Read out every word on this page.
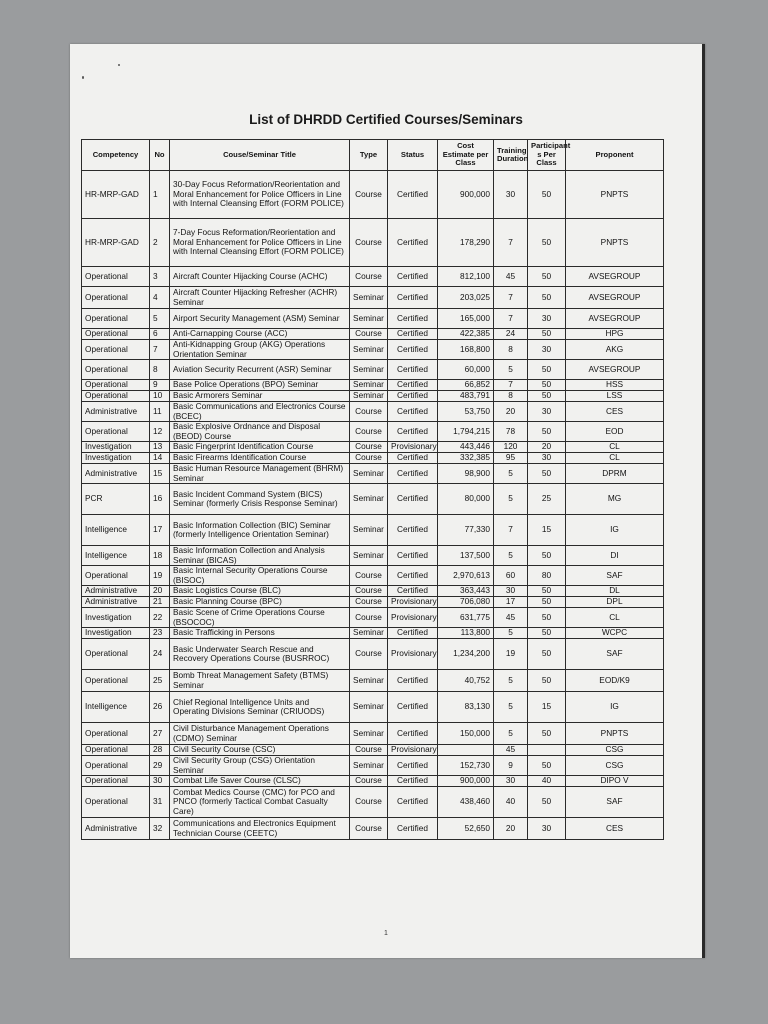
List of DHRDD Certified Courses/Seminars
Competency	No	Couse/Seminar Title	Type	Status	Cost Estimate per Class	Training Duration	Participant s Per Class	Proponent
HR-MRP-GAD	1	30-Day Focus Reformation/Reorientation and Moral Enhancement for Police Officers in Line with Internal Cleansing Effort (FORM POLICE)	Course	Certified	900,000	30	50	PNPTS
HR-MRP-GAD	2	7-Day Focus Reformation/Reorientation and Moral Enhancement for Police Officers in Line with Internal Cleansing Effort (FORM POLICE)	Course	Certified	178,290	7	50	PNPTS
Operational	3	Aircraft Counter Hijacking Course (ACHC)	Course	Certified	812,100	45	50	AVSEGROUP
Operational	4	Aircraft Counter Hijacking Refresher (ACHR) Seminar	Seminar	Certified	203,025	7	50	AVSEGROUP
Operational	5	Airport Security Management (ASM) Seminar	Seminar	Certified	165,000	7	30	AVSEGROUP
Operational	6	Anti-Carnapping Course (ACC)	Course	Certified	422,385	24	50	HPG
Operational	7	Anti-Kidnapping Group (AKG) Operations Orientation Seminar	Seminar	Certified	168,800	8	30	AKG
Operational	8	Aviation Security Recurrent (ASR) Seminar	Seminar	Certified	60,000	5	50	AVSEGROUP
Operational	9	Base Police Operations (BPO) Seminar	Seminar	Certified	66,852	7	50	HSS
Operational	10	Basic Armorers Seminar	Seminar	Certified	483,791	8	50	LSS
Administrative	11	Basic Communications and Electronics Course (BCEC)	Course	Certified	53,750	20	30	CES
Operational	12	Basic Explosive Ordnance and Disposal (BEOD) Course	Course	Certified	1,794,215	78	50	EOD
Investigation	13	Basic Fingerprint Identification Course	Course	Provisionary	443,446	120	20	CL
Investigation	14	Basic Firearms Identification Course	Course	Certified	332,385	95	30	CL
Administrative	15	Basic Human Resource Management (BHRM) Seminar	Seminar	Certified	98,900	5	50	DPRM
PCR	16	Basic Incident Command System (BICS) Seminar (formerly Crisis Response Seminar)	Seminar	Certified	80,000	5	25	MG
Intelligence	17	Basic Information Collection (BIC) Seminar (formerly Intelligence Orientation Seminar)	Seminar	Certified	77,330	7	15	IG
Intelligence	18	Basic Information Collection and Analysis Seminar (BICAS)	Seminar	Certified	137,500	5	50	DI
Operational	19	Basic Internal Security Operations Course (BISOC)	Course	Certified	2,970,613	60	80	SAF
Administrative	20	Basic Logistics Course (BLC)	Course	Certified	363,443	30	50	DL
Administrative	21	Basic Planning Course (BPC)	Course	Provisionary	706,080	17	50	DPL
Investigation	22	Basic Scene of Crime Operations Course (BSOCOC)	Course	Provisionary	631,775	45	50	CL
Investigation	23	Basic Trafficking in Persons	Seminar	Certified	113,800	5	50	WCPC
Operational	24	Basic Underwater Search Rescue and Recovery Operations Course (BUSRROC)	Course	Provisionary	1,234,200	19	50	SAF
Operational	25	Bomb Threat Management Safety (BTMS) Seminar	Seminar	Certified	40,752	5	50	EOD/K9
Intelligence	26	Chief Regional Intelligence Units and Operating Divisions Seminar (CRIUODS)	Seminar	Certified	83,130	5	15	IG
Operational	27	Civil Disturbance Management Operations (CDMO) Seminar	Seminar	Certified	150,000	5	50	PNPTS
Operational	28	Civil Security Course (CSC)	Course	Provisionary		45		CSG
Operational	29	Civil Security Group (CSG) Orientation Seminar	Seminar	Certified	152,730	9	50	CSG
Operational	30	Combat Life Saver Course (CLSC)	Course	Certified	900,000	30	40	DIPO V
Operational	31	Combat Medics Course (CMC) for PCO and PNCO (formerly Tactical Combat Casualty Care)	Course	Certified	438,460	40	50	SAF
Administrative	32	Communications and Electronics Equipment Technician Course (CEETC)	Course	Certified	52,650	20	30	CES
1
